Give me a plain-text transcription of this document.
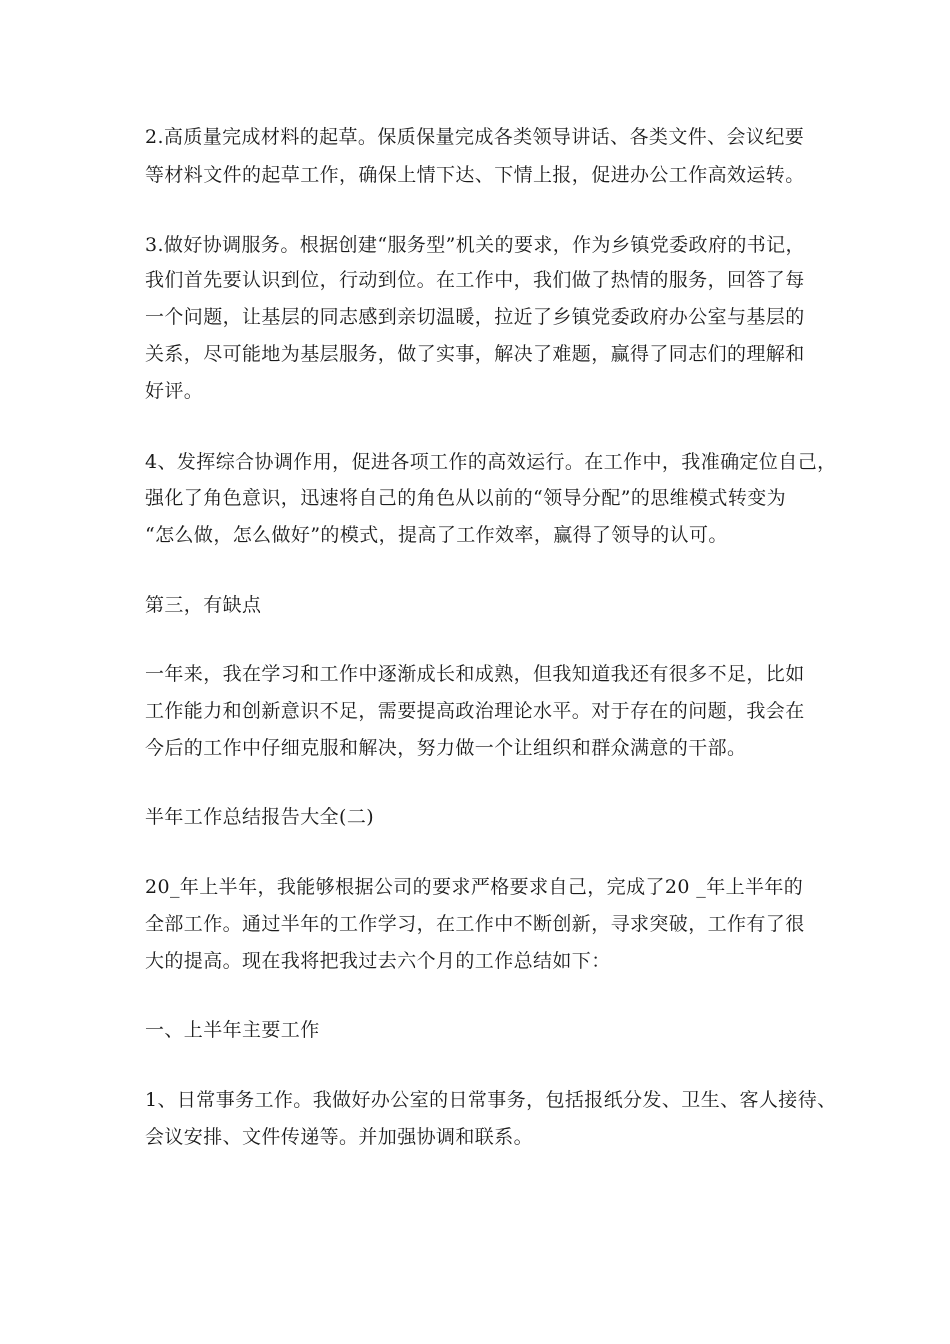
2.高质量完成材料的起草。保质保量完成各类领导讲话、各类文件、会议纪要
等材料文件的起草工作，确保上情下达、下情上报，促进办公工作高效运转。
3.做好协调服务。根据创建“服务型”机关的要求，作为乡镇党委政府的书记，
我们首先要认识到位，行动到位。在工作中，我们做了热情的服务，回答了每
一个问题，让基层的同志感到亲切温暖，拉近了乡镇党委政府办公室与基层的
关系，尽可能地为基层服务，做了实事，解决了难题，赢得了同志们的理解和
好评。
4、发挥综合协调作用，促进各项工作的高效运行。在工作中，我准确定位自己，
强化了角色意识，迅速将自己的角色从以前的“领导分配”的思维模式转变为
“怎么做，怎么做好”的模式，提高了工作效率，赢得了领导的认可。
第三，有缺点
一年来，我在学习和工作中逐渐成长和成熟，但我知道我还有很多不足，比如
工作能力和创新意识不足，需要提高政治理论水平。对于存在的问题，我会在
今后的工作中仔细克服和解决，努力做一个让组织和群众满意的干部。
半年工作总结报告大全(二)
20_年上半年，我能够根据公司的要求严格要求自己，完成了20 _年上半年的
全部工作。通过半年的工作学习，在工作中不断创新，寻求突破，工作有了很
大的提高。现在我将把我过去六个月的工作总结如下：
一、上半年主要工作
1、日常事务工作。我做好办公室的日常事务，包括报纸分发、卫生、客人接待、
会议安排、文件传递等。并加强协调和联系。
